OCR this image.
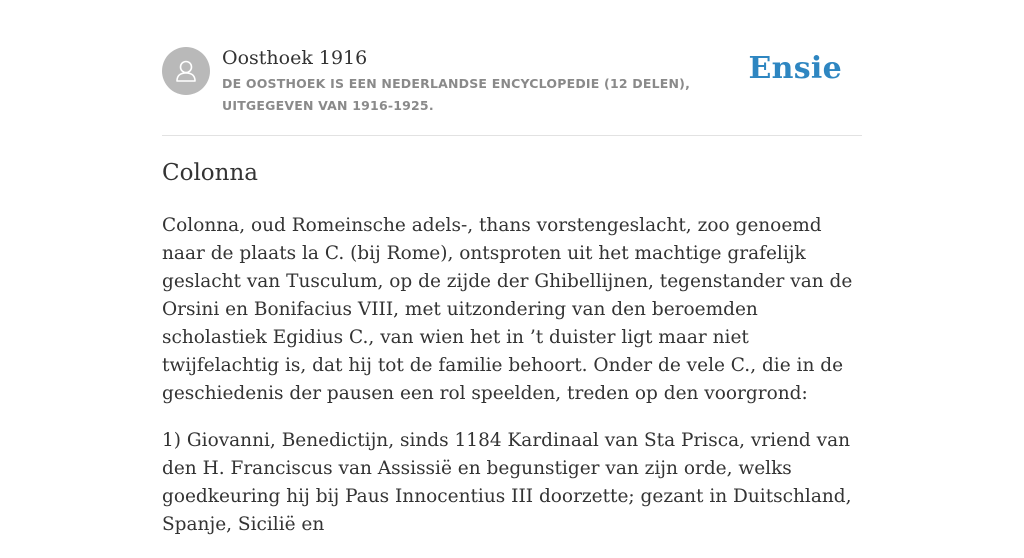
Oosthoek 1916
DE OOSTHOEK IS EEN NEDERLANDSE ENCYCLOPEDIE (12 DELEN), UITGEGEVEN VAN 1916-1925.
Ensie
Colonna

Colonna, oud Romeinsche adels-, thans vorstengeslacht, zoo genoemd naar de plaats la C. (bij Rome), ontsproten uit het machtige grafelijk geslacht van Tusculum, op de zijde der Ghibellijnen, tegenstander van de Orsini en Bonifacius VIII, met uitzondering van den beroemden scholastiek Egidius C., van wien het in ’t duister ligt maar niet twijfelachtig is, dat hij tot de familie behoort. Onder de vele C., die in de geschiedenis der pausen een rol speelden, treden op den voorgrond:

1) Giovanni, Benedictijn, sinds 1184 Kardinaal van Sta Prisca, vriend van den H. Franciscus van Assissië en begunstiger van zijn orde, welks goedkeuring hij bij Paus Innocentius III doorzette; gezant in Duitschland, Spanje, Sicilië en
